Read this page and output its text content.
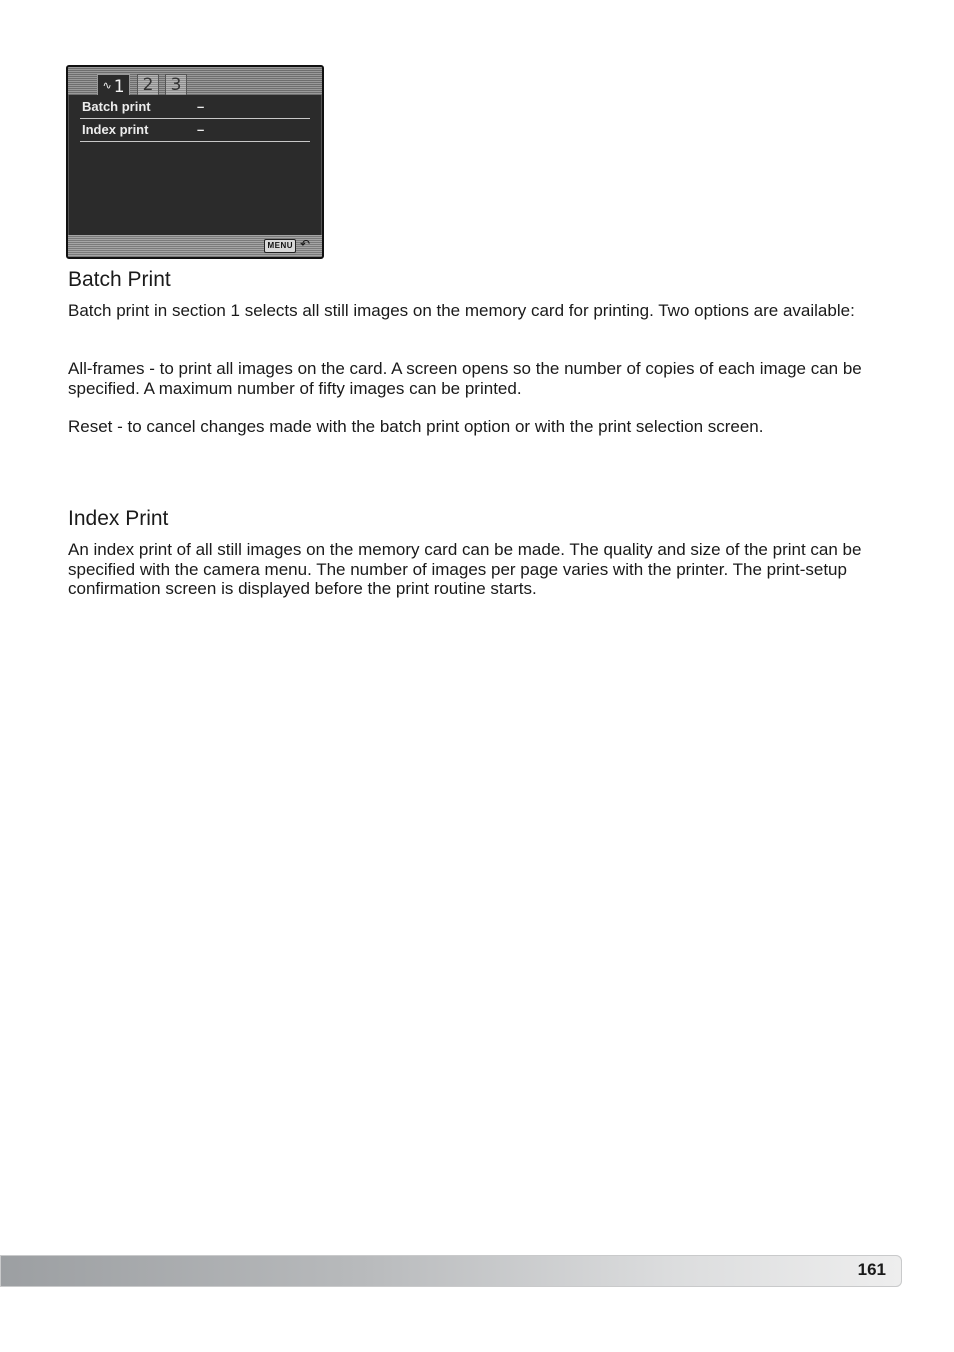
∿ 1	2	3
Batch print	–
Index print	–
MENU ↶
Batch Print

Batch print in section 1 selects all still images on the memory card for printing. Two options are available:

All-frames - to print all images on the card. A screen opens so the number of copies of each image can be specified. A maximum number of fifty images can be printed.

Reset - to cancel changes made with the batch print option or with the print selection screen.

Index Print

An index print of all still images on the memory card can be made. The quality and size of the print can be specified with the camera menu. The number of images per page varies with the printer. The print-setup confirmation screen is displayed before the print routine starts.

161
